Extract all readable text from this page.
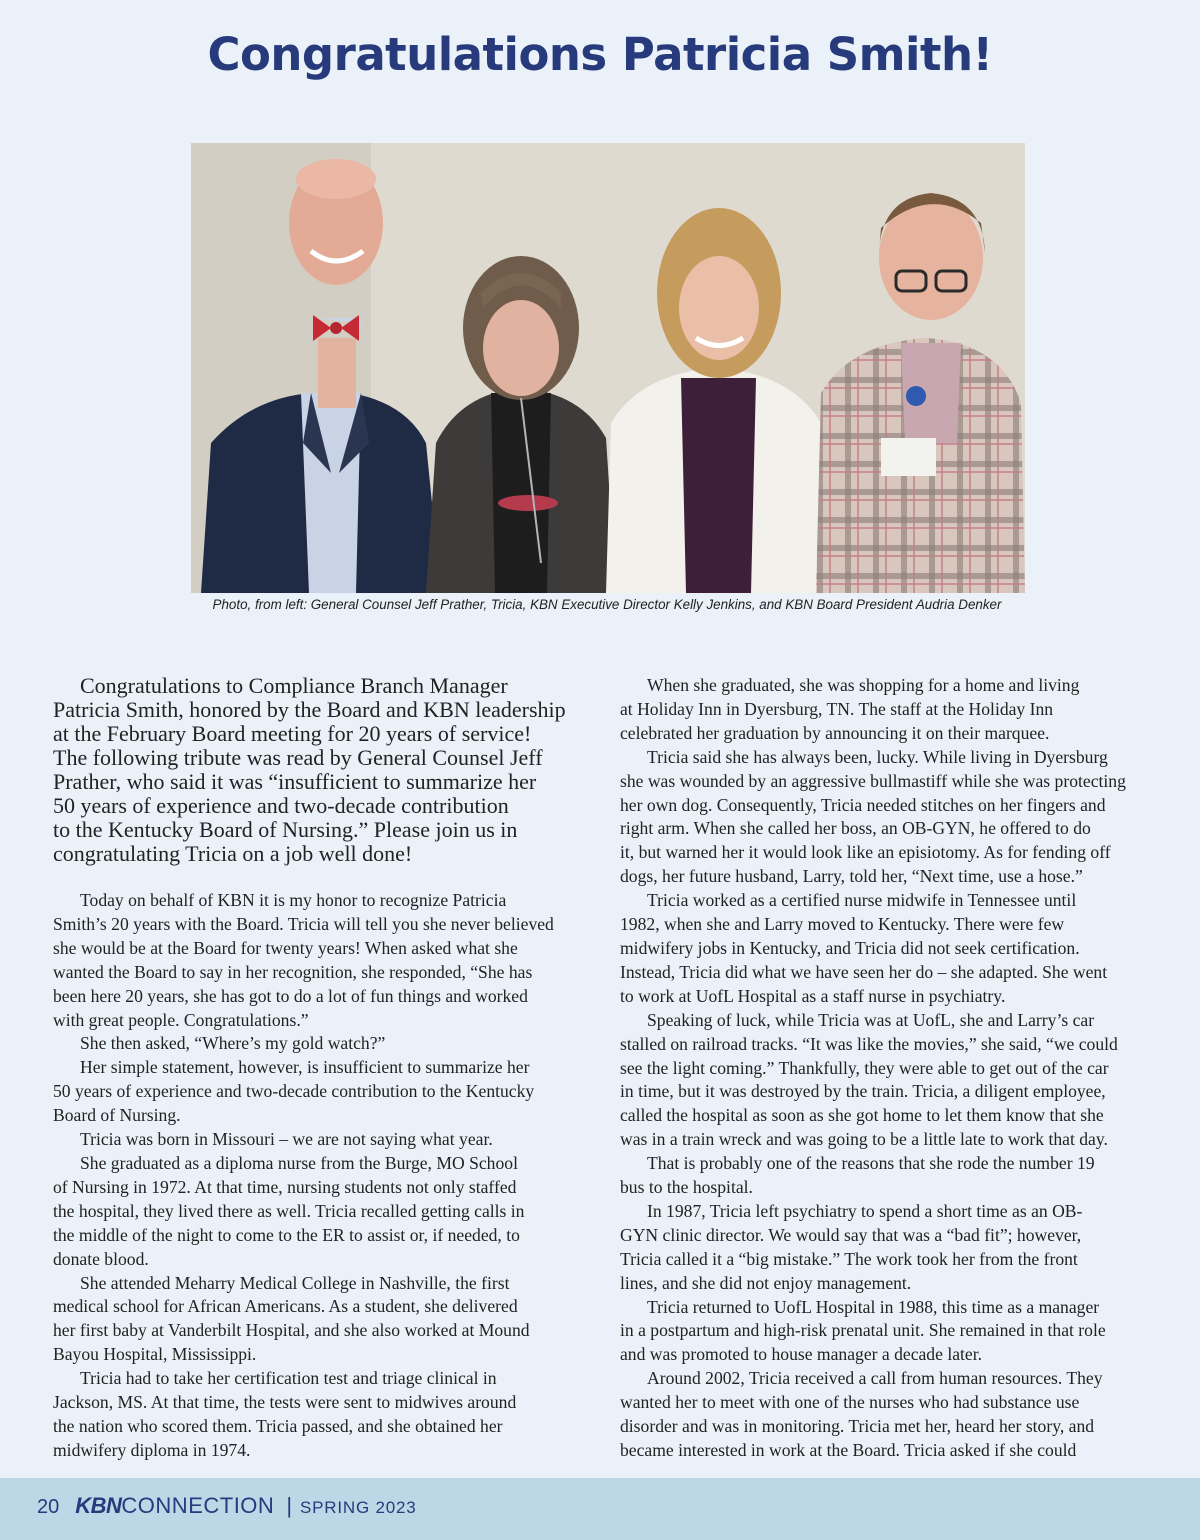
Congratulations Patricia Smith!
Photo, from left: General Counsel Jeff Prather, Tricia, KBN Executive Director Kelly Jenkins, and KBN Board President Audria Denker
Congratulations to Compliance Branch Manager
Patricia Smith, honored by the Board and KBN leadership
at the February Board meeting for 20 years of service!
The following tribute was read by General Counsel Jeff
Prather, who said it was “insufficient to summarize her
50 years of experience and two-decade contribution
to the Kentucky Board of Nursing.” Please join us in
congratulating Tricia on a job well done!
Today on behalf of KBN it is my honor to recognize Patricia
Smith’s 20 years with the Board. Tricia will tell you she never believed
she would be at the Board for twenty years! When asked what she
wanted the Board to say in her recognition, she responded, “She has
been here 20 years, she has got to do a lot of fun things and worked
with great people. Congratulations.”
She then asked, “Where’s my gold watch?”
Her simple statement, however, is insufficient to summarize her
50 years of experience and two-decade contribution to the Kentucky
Board of Nursing.
Tricia was born in Missouri – we are not saying what year.
She graduated as a diploma nurse from the Burge, MO School
of Nursing in 1972. At that time, nursing students not only staffed
the hospital, they lived there as well. Tricia recalled getting calls in
the middle of the night to come to the ER to assist or, if needed, to
donate blood.
She attended Meharry Medical College in Nashville, the first
medical school for African Americans. As a student, she delivered
her first baby at Vanderbilt Hospital, and she also worked at Mound
Bayou Hospital, Mississippi.
Tricia had to take her certification test and triage clinical in
Jackson, MS. At that time, the tests were sent to midwives around
the nation who scored them. Tricia passed, and she obtained her
midwifery diploma in 1974.
When she graduated, she was shopping for a home and living
at Holiday Inn in Dyersburg, TN. The staff at the Holiday Inn
celebrated her graduation by announcing it on their marquee.
Tricia said she has always been, lucky. While living in Dyersburg
she was wounded by an aggressive bullmastiff while she was protecting
her own dog. Consequently, Tricia needed stitches on her fingers and
right arm. When she called her boss, an OB-GYN, he offered to do
it, but warned her it would look like an episiotomy. As for fending off
dogs, her future husband, Larry, told her, “Next time, use a hose.”
Tricia worked as a certified nurse midwife in Tennessee until
1982, when she and Larry moved to Kentucky. There were few
midwifery jobs in Kentucky, and Tricia did not seek certification.
Instead, Tricia did what we have seen her do – she adapted. She went
to work at UofL Hospital as a staff nurse in psychiatry.
Speaking of luck, while Tricia was at UofL, she and Larry’s car
stalled on railroad tracks. “It was like the movies,” she said, “we could
see the light coming.” Thankfully, they were able to get out of the car
in time, but it was destroyed by the train. Tricia, a diligent employee,
called the hospital as soon as she got home to let them know that she
was in a train wreck and was going to be a little late to work that day.
That is probably one of the reasons that she rode the number 19
bus to the hospital.
In 1987, Tricia left psychiatry to spend a short time as an OB-
GYN clinic director. We would say that was a “bad fit”; however,
Tricia called it a “big mistake.” The work took her from the front
lines, and she did not enjoy management.
Tricia returned to UofL Hospital in 1988, this time as a manager
in a postpartum and high-risk prenatal unit. She remained in that role
and was promoted to house manager a decade later.
Around 2002, Tricia received a call from human resources. They
wanted her to meet with one of the nurses who had substance use
disorder and was in monitoring. Tricia met her, heard her story, and
became interested in work at the Board. Tricia asked if she could
20 KBN CONNECTION | SPRING 2023
